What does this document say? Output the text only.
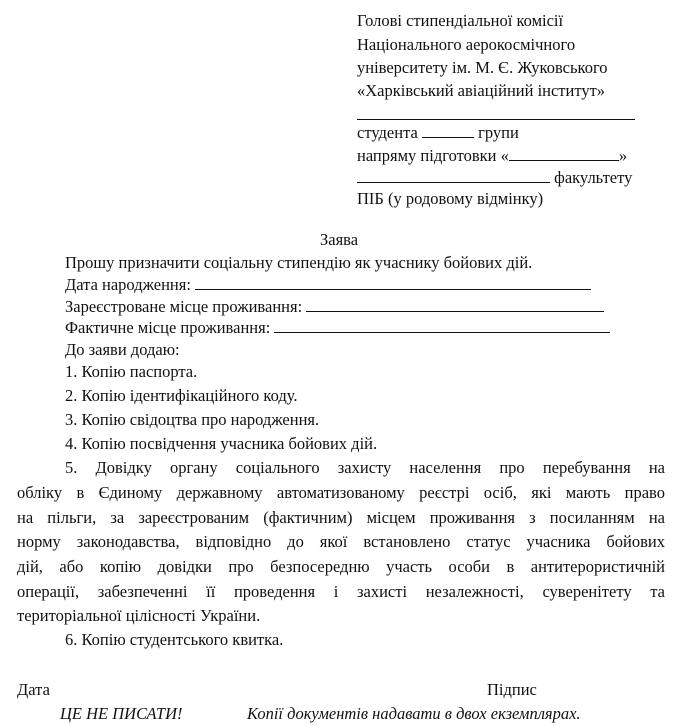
Голові стипендіальної комісії
Національного аерокосмічного
університету ім. М. Є. Жуковського
«Харківський авіаційний інститут»
студента	групи
напряму підготовки «	»
факультету
ПІБ (у родовому відмінку)
Заява
Прошу призначити соціальну стипендію як учаснику бойових дій.
Дата народження:
Зареєстроване місце проживання:
Фактичне місце проживання:
До заяви додаю:
1. Копію паспорта.
2. Копію ідентифікаційного коду.
3. Копію свідоцтва про народження.
4. Копію посвідчення учасника бойових дій.
5. Довідку органу соціального захисту населення про перебування на
обліку в Єдиному державному автоматизованому реєстрі осіб, які мають право
на пільги, за зареєстрованим (фактичним) місцем проживання з посиланням на
норму законодавства, відповідно до якої встановлено статус учасника бойових
дій, або копію довідки про безпосередню участь особи в антитерористичній
операції, забезпеченні її проведення і захисті незалежності, суверенітету та
територіальної цілісності України.
6. Копію студентського квитка.
Дата	Підпис
ЦЕ НЕ ПИСАТИ!	Копії документів надавати в двох екземплярах.
